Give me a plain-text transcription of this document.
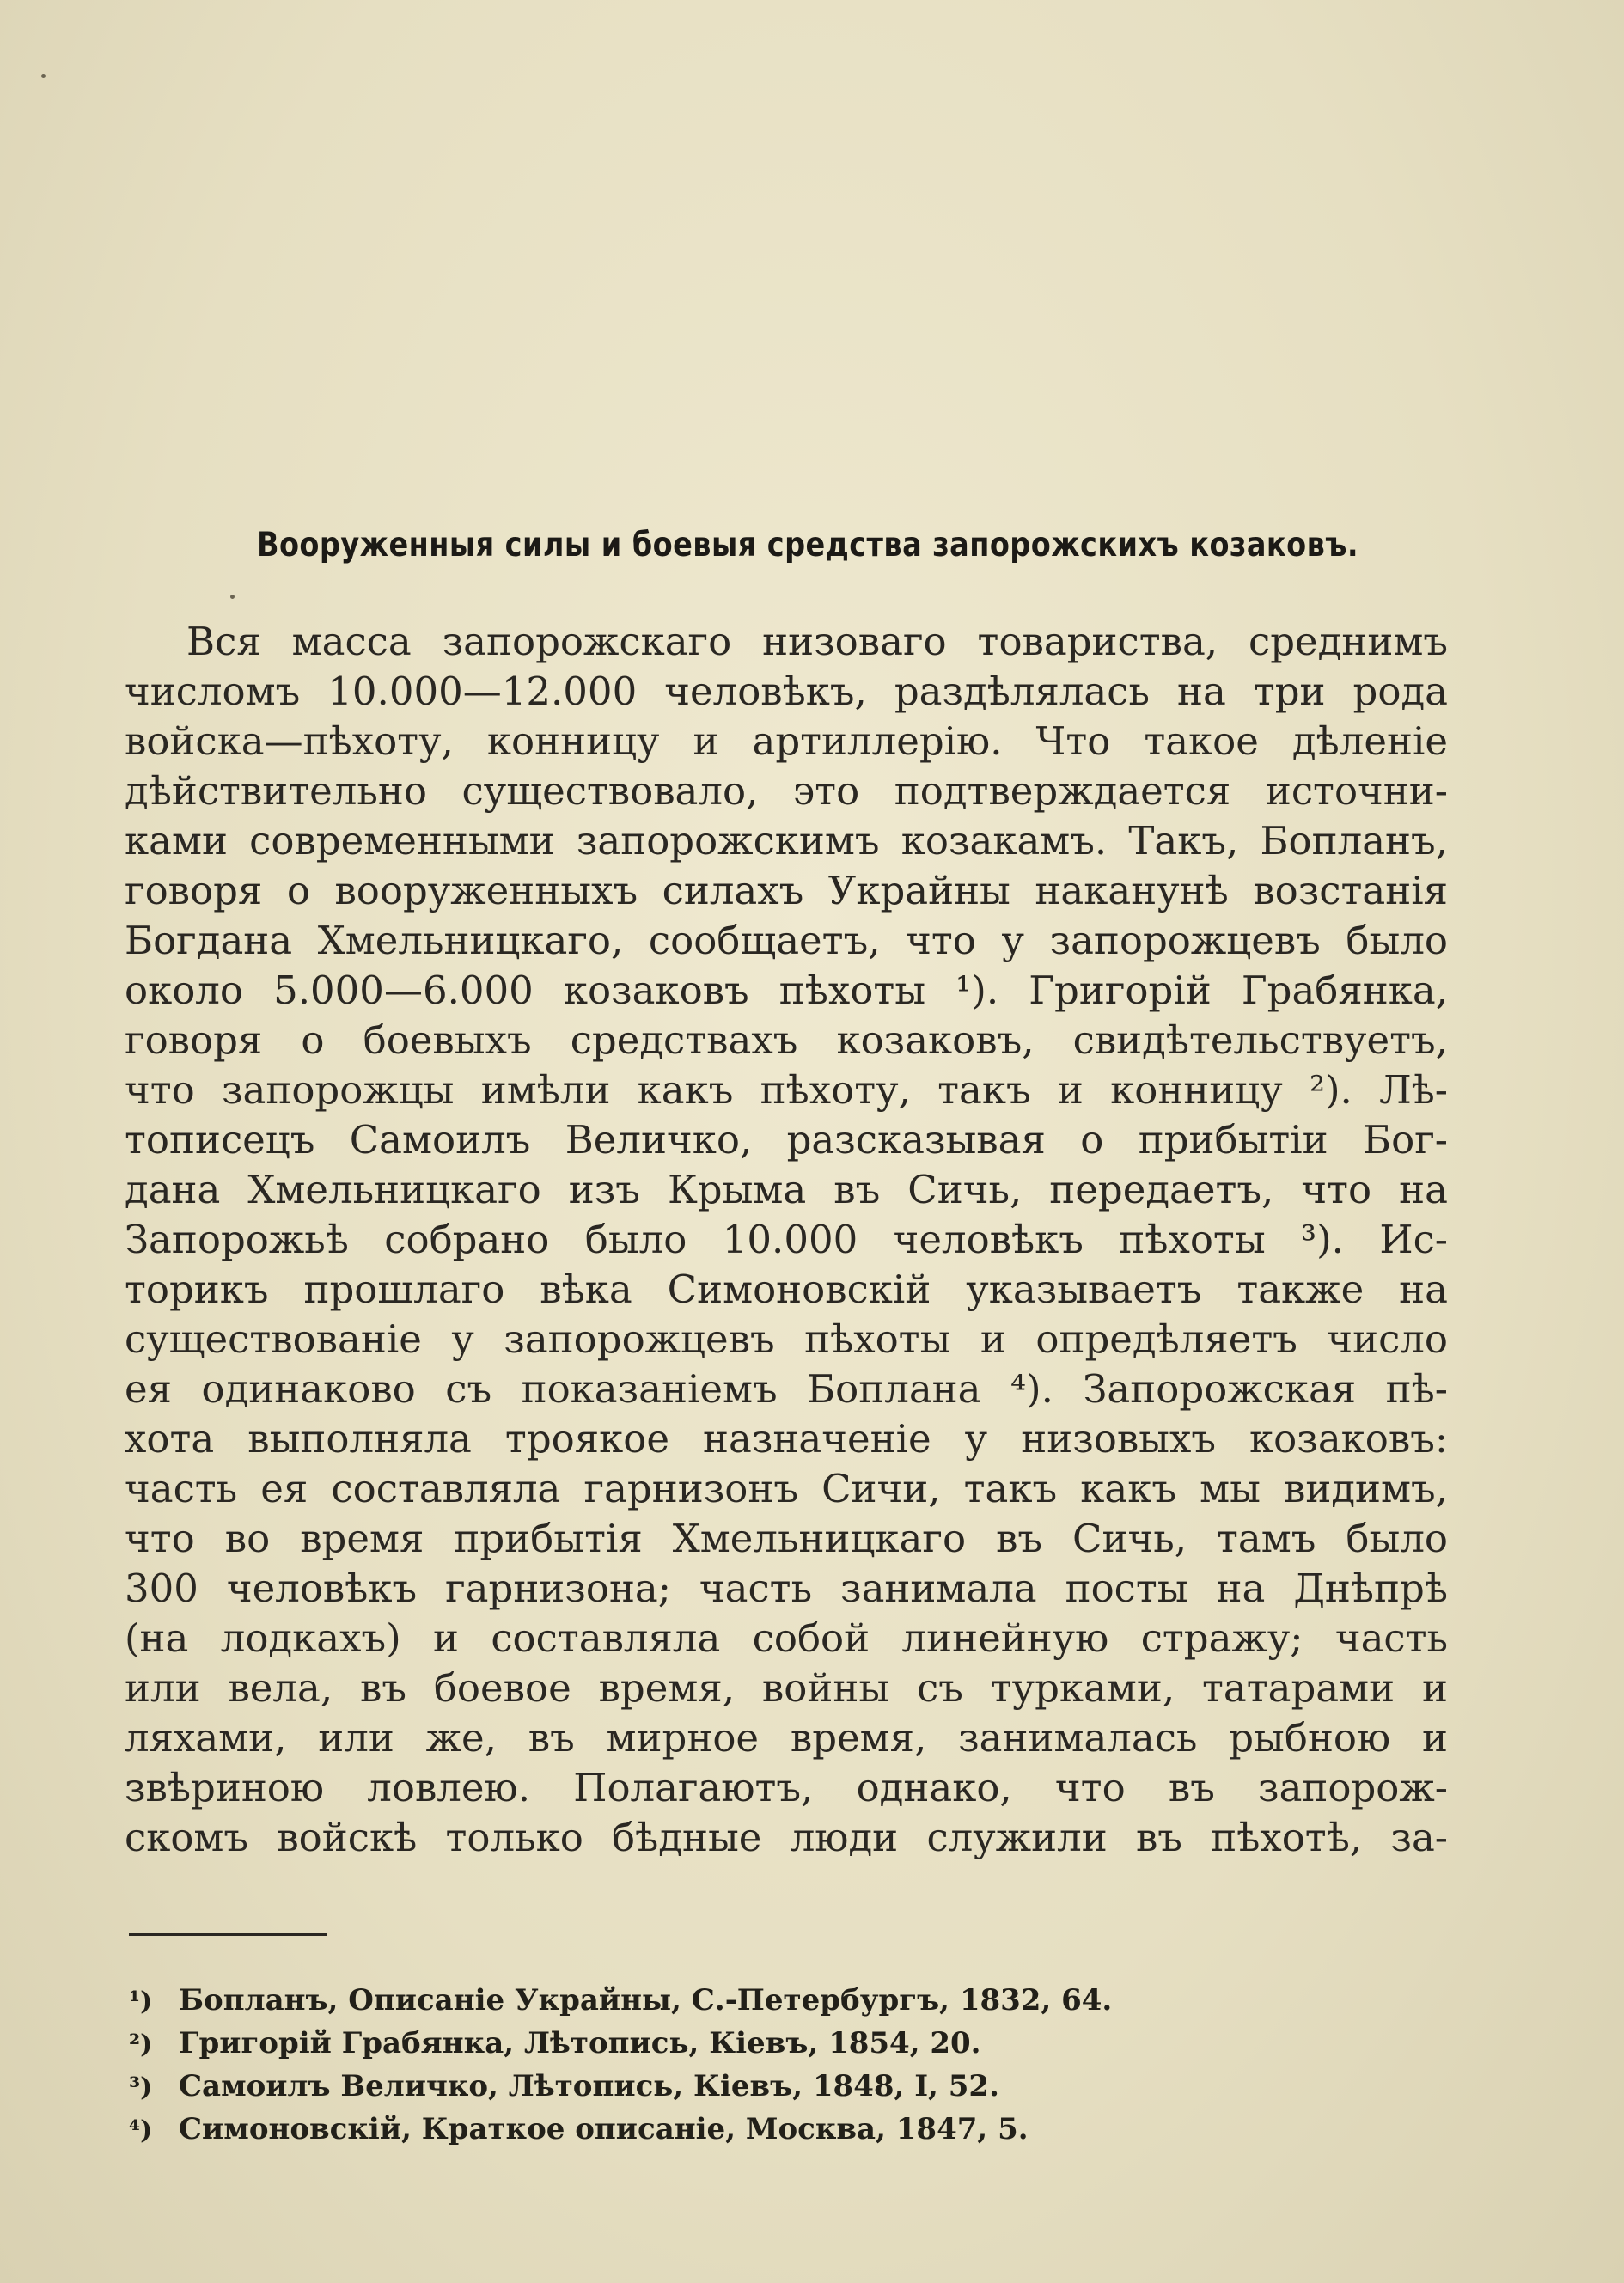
Вооруженныя силы и боевыя средства запорожскихъ козаковъ.
Вся масса запорожскаго низоваго товариства, среднимъ
числомъ 10.000—12.000 человѣкъ, раздѣлялась на три рода
войска—пѣхоту, конницу и артиллерію. Что такое дѣленіе
дѣйствительно существовало, это подтверждается источни-
ками современными запорожскимъ козакамъ. Такъ, Бопланъ,
говоря о вооруженныхъ силахъ Украйны наканунѣ возстанія
Богдана Хмельницкаго, сообщаетъ, что у запорожцевъ было
около 5.000—6.000 козаковъ пѣхоты ¹). Григорій Грабянка,
говоря о боевыхъ средствахъ козаковъ, свидѣтельствуетъ,
что запорожцы имѣли какъ пѣхоту, такъ и конницу ²). Лѣ-
тописецъ Самоилъ Величко, разсказывая о прибытіи Бог-
дана Хмельницкаго изъ Крыма въ Сичь, передаетъ, что на
Запорожьѣ собрано было 10.000 человѣкъ пѣхоты ³). Ис-
торикъ прошлаго вѣка Симоновскій указываетъ также на
существованіе у запорожцевъ пѣхоты и опредѣляетъ число
ея одинаково съ показаніемъ Боплана ⁴). Запорожская пѣ-
хота выполняла троякое назначеніе у низовыхъ козаковъ:
часть ея составляла гарнизонъ Сичи, такъ какъ мы видимъ,
что во время прибытія Хмельницкаго въ Сичь, тамъ было
300 человѣкъ гарнизона; часть занимала посты на Днѣпрѣ
(на лодкахъ) и составляла собой линейную стражу; часть
или вела, въ боевое время, войны съ турками, татарами и
ляхами, или же, въ мирное время, занималась рыбною и
звѣриною ловлею. Полагаютъ, однако, что въ запорож-
скомъ войскѣ только бѣдные люди служили въ пѣхотѣ, за-
¹) Бопланъ, Описаніе Украйны, С.-Петербургъ, 1832, 64.
²) Григорій Грабянка, Лѣтопись, Кіевъ, 1854, 20.
³) Самоилъ Величко, Лѣтопись, Кіевъ, 1848, I, 52.
⁴) Симоновскій, Краткое описаніе, Москва, 1847, 5.
